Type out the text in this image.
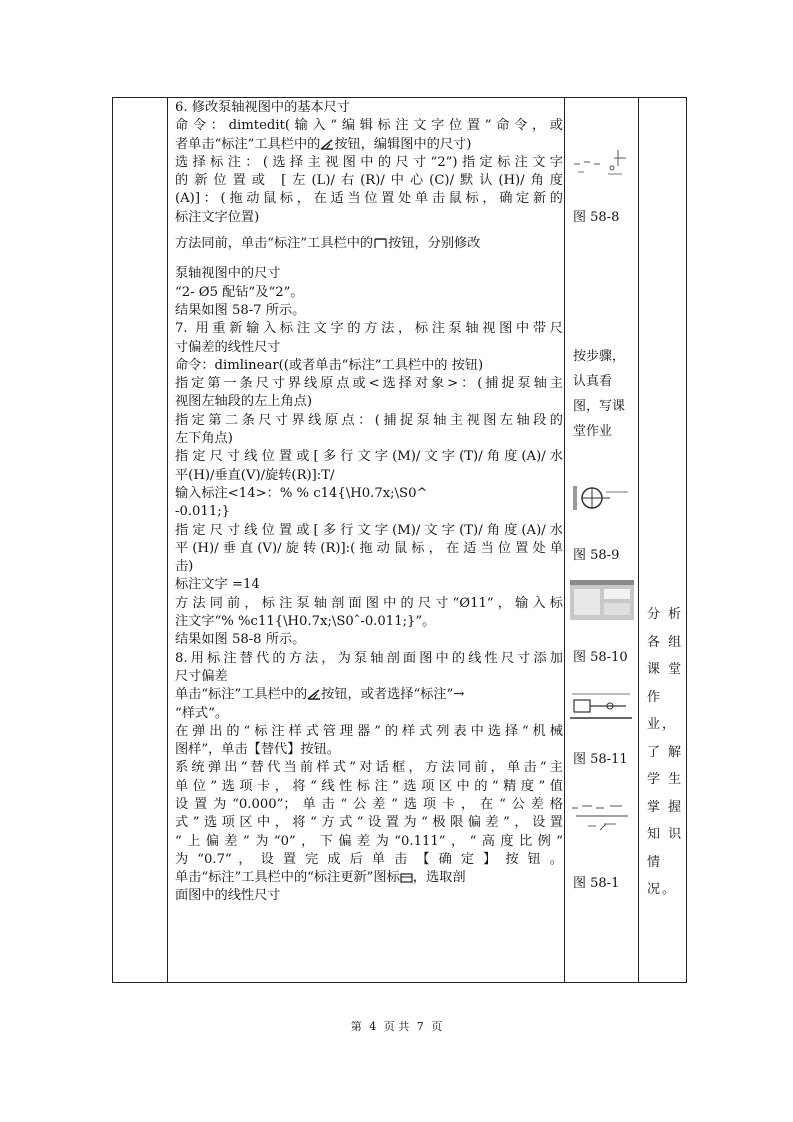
6. 修改泵轴视图中的基本尺寸

命令：dimtedit(输入“编辑标注文字位置”命令，或

者单击“标注”工具栏中的 按钮，编辑图中的尺寸)

选择标注：(选择主视图中的尺寸“2”)指定标注文字

的新位置或 [左(L)/右(R)/中心(C)/默认(H)/角度

(A)]：(拖动鼠标，在适当位置处单击鼠标，确定新的

标注文字位置)

方法同前，单击“标注”工具栏中的 按钮，分别修改

泵轴视图中的尺寸

“2- Ø5 配钻”及“2”。

结果如图 58-7 所示。

7. 用重新输入标注文字的方法，标注泵轴视图中带尺

寸偏差的线性尺寸

命令：dimlinear((或者单击“标注”工具栏中的 按钮)

指定第一条尺寸界线原点或<选择对象>：(捕捉泵轴主

视图左轴段的左上角点)

指定第二条尺寸界线原点：(捕捉泵轴主视图左轴段的

左下角点)

指定尺寸线位置或[多行文字(M)/文字(T)/角度(A)/水

平(H)/垂直(V)/旋转(R)]:T/

输入标注<14>：% % c14{\H0.7x;\S0^

-0.011;}

指定尺寸线位置或[多行文字(M)/文字(T)/角度(A)/水

平(H)/垂直(V)/旋转(R)]:(拖动鼠标，在适当位置处单

击)

标注文字 =14

方法同前，标注泵轴剖面图中的尺寸“Ø11”，输入标

注文字“% %c11{\H0.7x;\S0ˆ-0.011;}”。

结果如图 58-8 所示。

8.用标注替代的方法，为泵轴剖面图中的线性尺寸添加

尺寸偏差

单击“标注”工具栏中的 按钮，或者选择“标注”→

“样式”。

在弹出的“标注样式管理器”的样式列表中选择“机械

图样”，单击【替代】按钮。

系统弹出“替代当前样式”对话框，方法同前，单击“主

单位”选项卡，将“线性标注”选项区中的“精度”值

设置为“0.000”；单击“公差”选项卡，在“公差格

式”选项区中，将“方式”设置为“极限偏差”，设置

“上偏差”为“0”，下偏差为“0.111”，“高度比例”

为 “0.7” ， 设 置 完 成 后 单 击 【 确 定 】 按 钮 。

单击“标注”工具栏中的“标注更新”图标 ，选取剖

面图中的线性尺寸

图 58-8
按步骤，认真看图，写课堂作业
图 58-9
图 58-10
图 58-11
图 58-1
分 析
各 组
课 堂
作
业，
了 解
学 生
掌 握
知 识
情
况。
第 4 页 共 7 页
